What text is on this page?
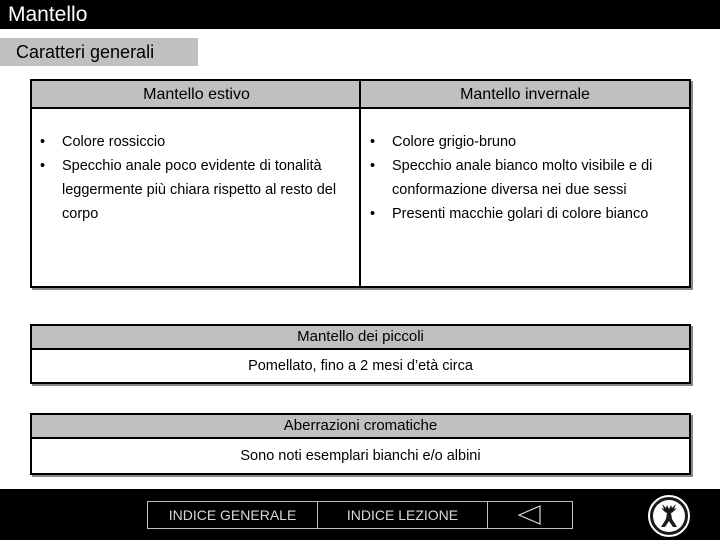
Mantello
Caratteri generali
Mantello estivo	Mantello invernale
• Colore rossiccio
• Specchio anale poco evidente di tonalità leggermente più chiara rispetto al resto del corpo
• Colore grigio-bruno
• Specchio anale bianco molto visibile e di conformazione diversa nei due sessi
• Presenti macchie golari di colore bianco
Mantello dei piccoli
Pomellato, fino a 2 mesi d’età circa
Aberrazioni cromatiche
Sono noti esemplari bianchi e/o albini
INDICE GENERALE	INDICE LEZIONE
